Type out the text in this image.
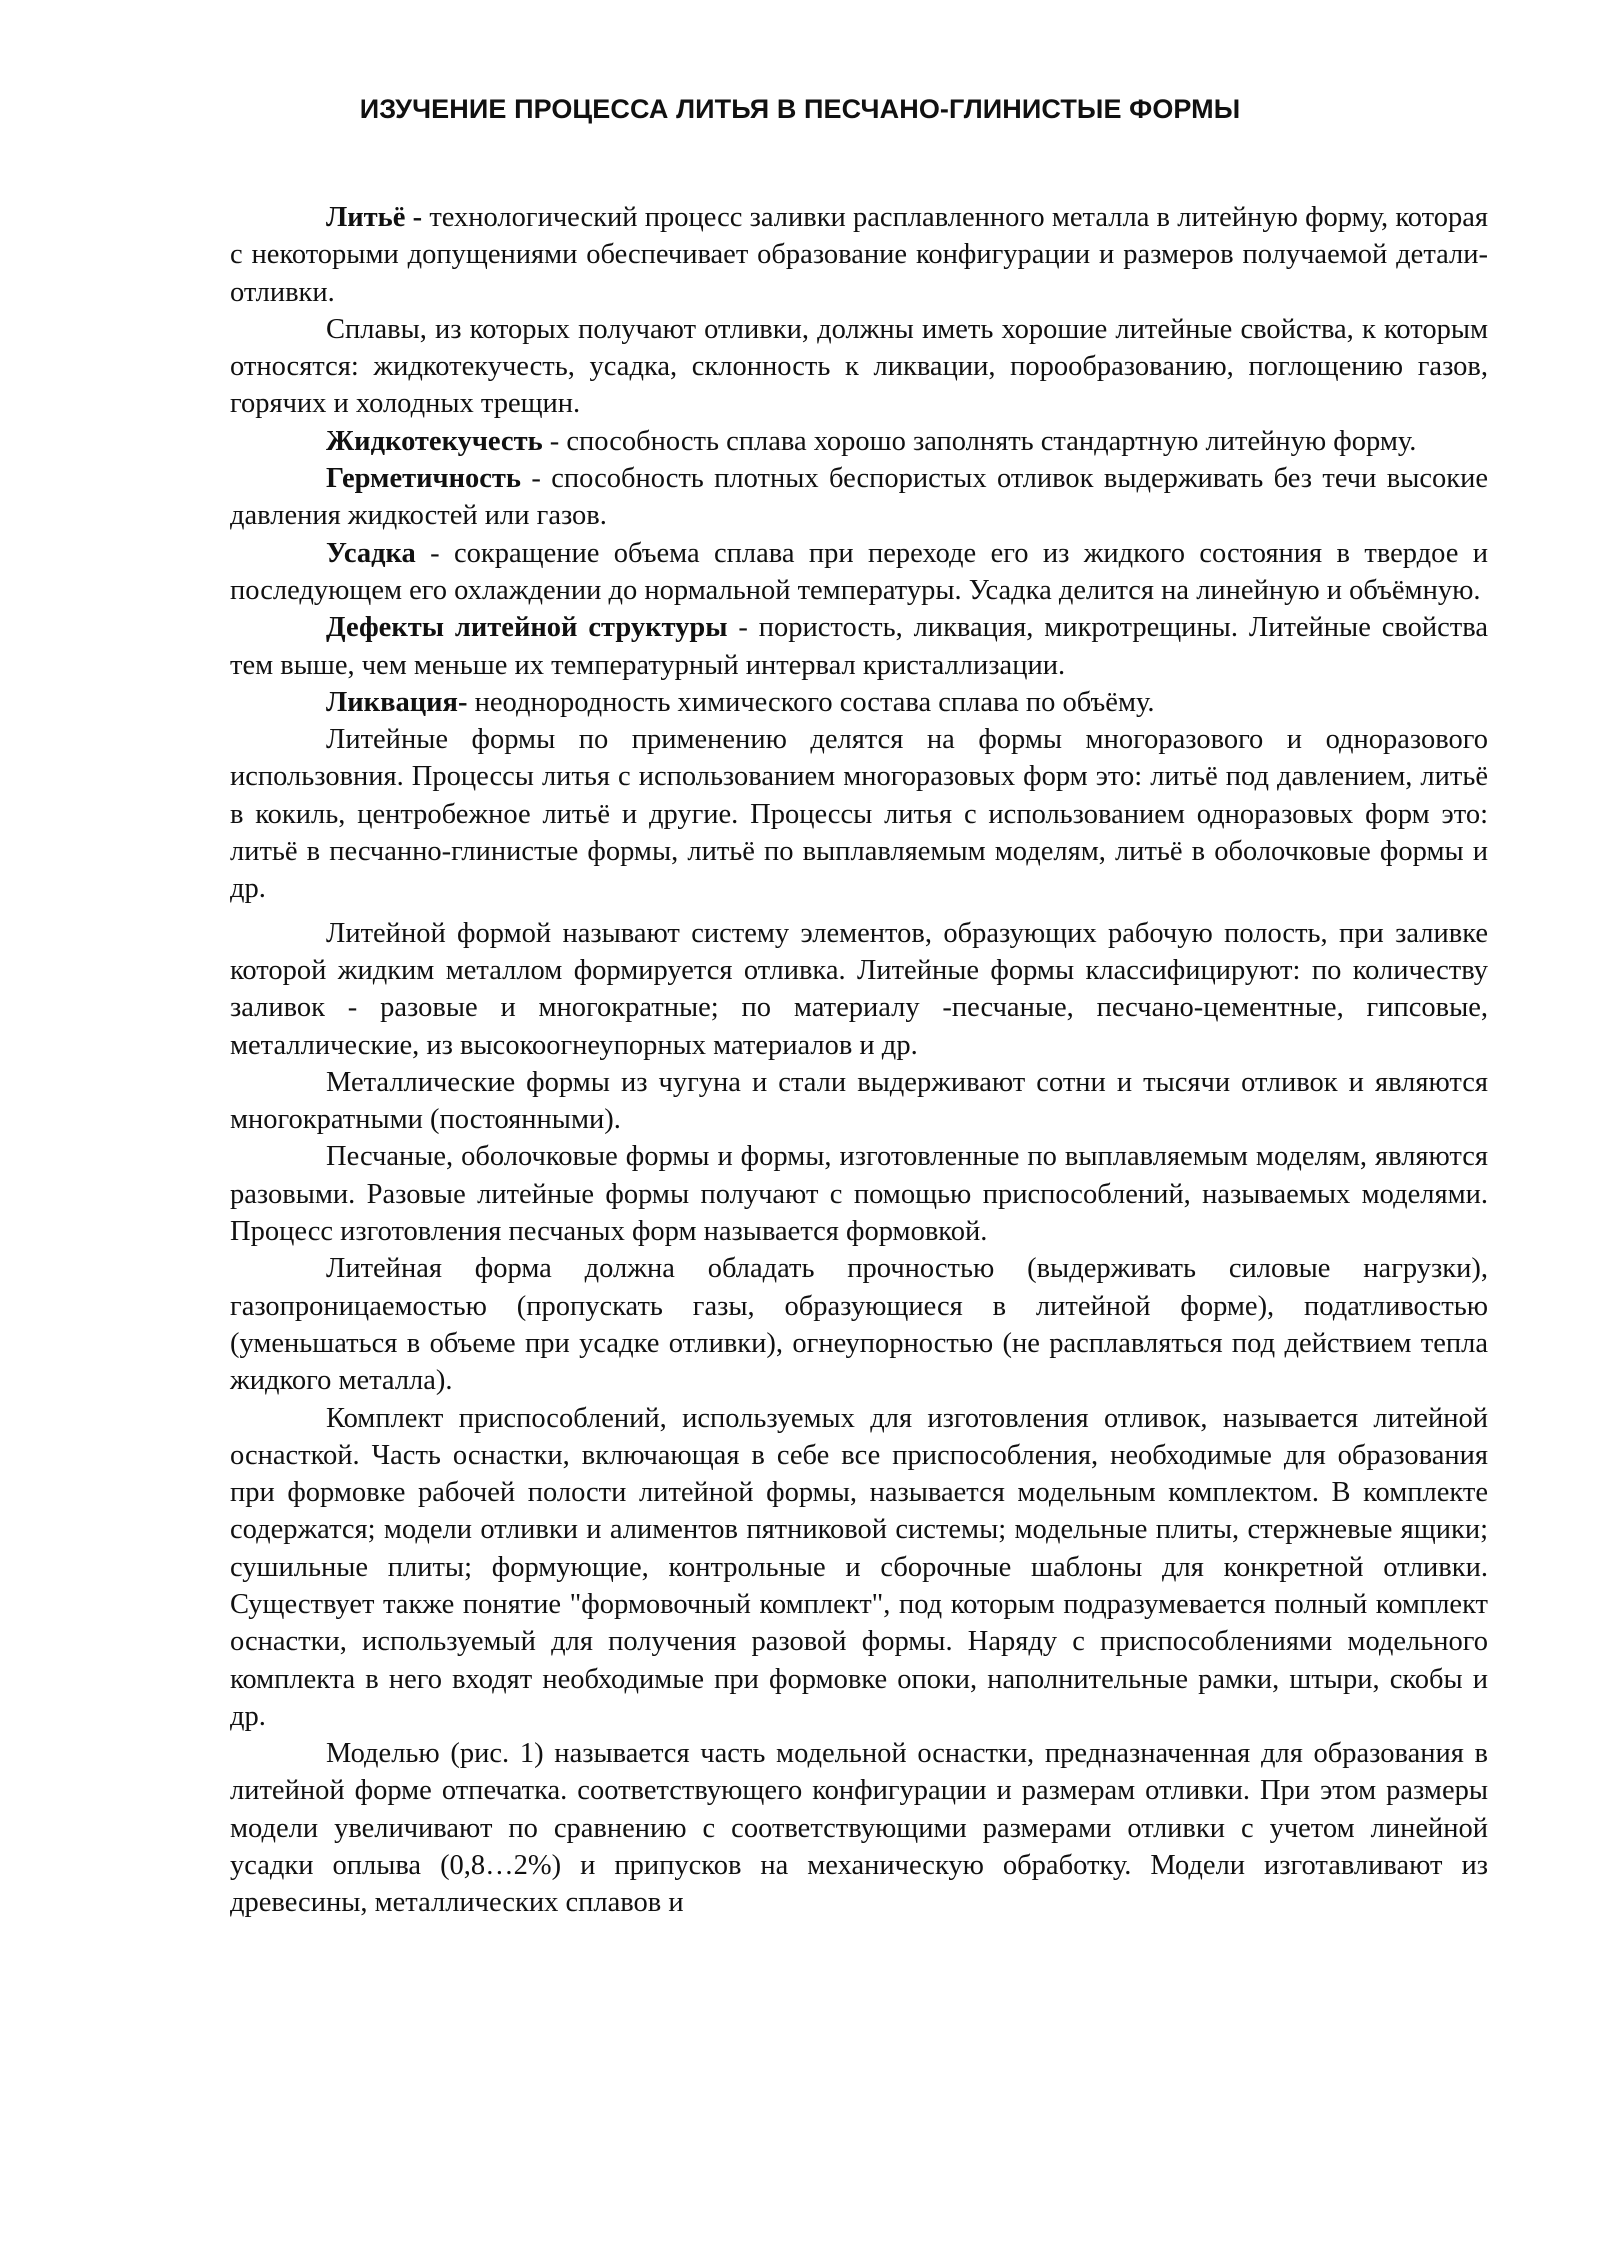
ИЗУЧЕНИЕ ПРОЦЕССА ЛИТЬЯ В ПЕСЧАНО-ГЛИНИСТЫЕ ФОРМЫ

Литьё - технологический процесс заливки расплавленного металла в литейную форму, которая с некоторыми допущениями обеспечивает образование конфигурации и размеров получаемой детали-отливки.

Сплавы, из которых получают отливки, должны иметь хорошие литейные свойства, к которым относятся: жидкотекучесть, усадка, склонность к ликвации, порообразованию, поглощению газов, горячих и холодных трещин.

Жидкотекучесть - способность сплава хорошо заполнять стандартную литейную форму.

Герметичность - способность плотных беспористых отливок выдерживать без течи высокие давления жидкостей или газов.

Усадка - сокращение объема сплава при переходе его из жидкого состояния в твердое и последующем его охлаждении до нормальной температуры. Усадка делится на линейную и объёмную.

Дефекты литейной структуры - пористость, ликвация, микротрещины. Литейные свойства тем выше, чем меньше их температурный интервал кристаллизации.

Ликвация- неоднородность химического состава сплава по объёму.

Литейные формы по применению делятся на формы многоразового и одноразового использовния. Процессы литья с использованием многоразовых форм это: литьё под давлением, литьё в кокиль, центробежное литьё и другие. Процессы литья с использованием одноразовых форм это: литьё в песчанно-глинистые формы, литьё по выплавляемым моделям, литьё в оболочковые формы и др.

Литейной формой называют систему элементов, образующих рабочую полость, при заливке которой жидким металлом формируется отливка. Литейные формы классифицируют: по количеству заливок - разовые и многократные; по материалу -песчаные, песчано-цементные, гипсовые, металлические, из высокоогнеупорных материалов и др.

Металлические формы из чугуна и стали выдерживают сотни и тысячи отливок и являются многократными (постоянными).

Песчаные, оболочковые формы и формы, изготовленные по выплавляемым моделям, являются разовыми. Разовые литейные формы получают с помощью приспособлений, называемых моделями. Процесс изготовления песчаных форм называется формовкой.

Литейная форма должна обладать прочностью (выдерживать силовые нагрузки), газопроницаемостью (пропускать газы, образующиеся в литейной форме), податливостью (уменьшаться в объеме при усадке отливки), огнеупорностью (не расплавляться под действием тепла жидкого металла).

Комплект приспособлений, используемых для изготовления отливок, называется литейной оснасткой. Часть оснастки, включающая в себе все приспособления, необходимые для образования при формовке рабочей полости литейной формы, называется модельным комплектом. В комплекте содержатся; модели отливки и алиментов пятниковой системы; модельные плиты, стержневые ящики; сушильные плиты; формующие, контрольные и сборочные шаблоны для конкретной отливки. Существует также понятие "формовочный комплект", под которым подразумевается полный комплект оснастки, используемый для получения разовой формы. Наряду с приспособлениями модельного комплекта в него входят необходимые при формовке опоки, наполнительные рамки, штыри, скобы и др.

Моделью (рис. 1) называется часть модельной оснастки, предназначенная для образования в литейной форме отпечатка. соответствующего конфигурации и размерам отливки. При этом размеры модели увеличивают по сравнению с соответствующими размерами отливки с учетом линейной усадки оплыва (0,8…2%) и припусков на механическую обработку. Модели изготавливают из древесины, металлических сплавов и
